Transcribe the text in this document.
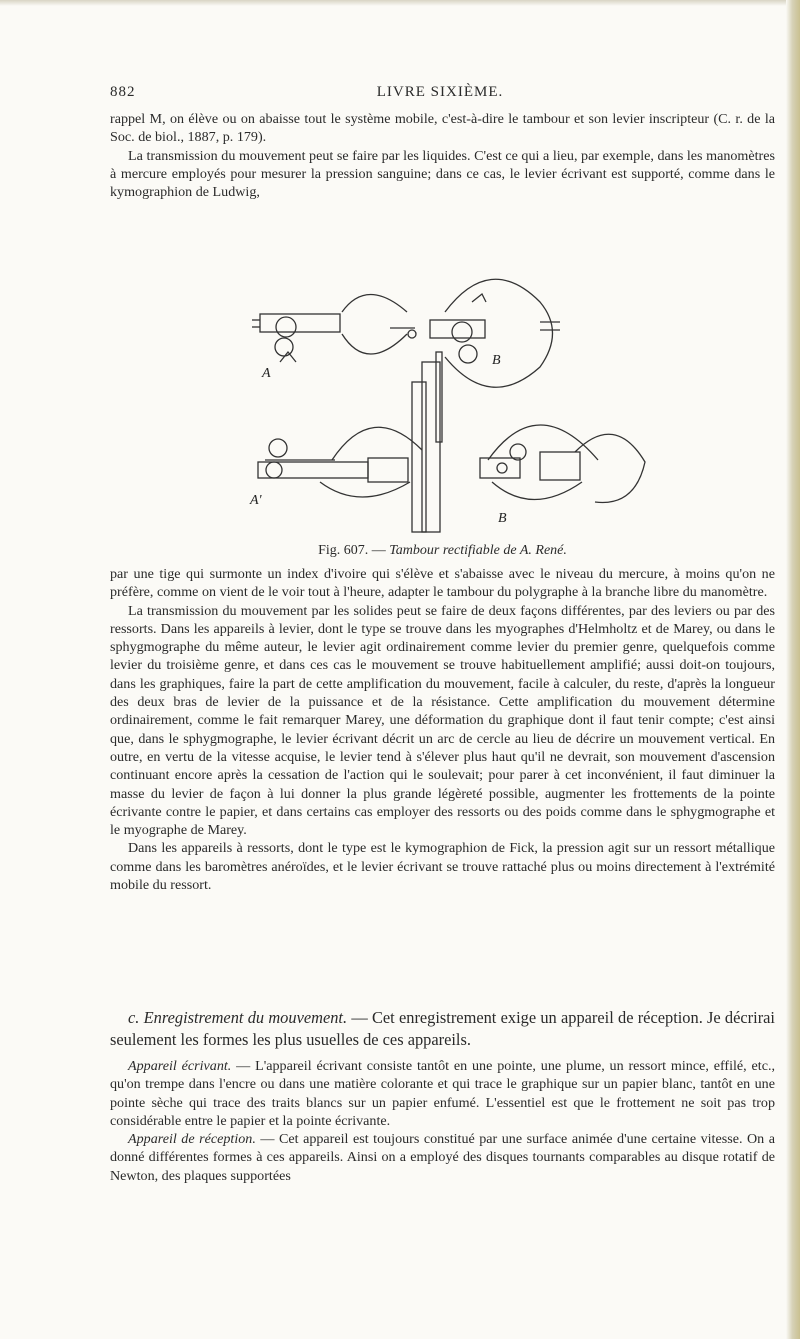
882	LIVRE SIXIÈME.

rappel M, on élève ou on abaisse tout le système mobile, c'est-à-dire le tambour et son levier inscripteur (C. r. de la Soc. de biol., 1887, p. 179).

La transmission du mouvement peut se faire par les liquides. C'est ce qui a lieu, par exemple, dans les manomètres à mercure employés pour mesurer la pression sanguine; dans ce cas, le levier écrivant est supporté, comme dans le kymographion de Ludwig,

A
B
A'
B
Fig. 607. — Tambour rectifiable de A. René.

par une tige qui surmonte un index d'ivoire qui s'élève et s'abaisse avec le niveau du mercure, à moins qu'on ne préfère, comme on vient de le voir tout à l'heure, adapter le tambour du polygraphe à la branche libre du manomètre.

La transmission du mouvement par les solides peut se faire de deux façons différentes, par des leviers ou par des ressorts. Dans les appareils à levier, dont le type se trouve dans les myographes d'Helmholtz et de Marey, ou dans le sphygmographe du même auteur, le levier agit ordinairement comme levier du premier genre, quelquefois comme levier du troisième genre, et dans ces cas le mouvement se trouve habituellement amplifié; aussi doit-on toujours, dans les graphiques, faire la part de cette amplification du mouvement, facile à calculer, du reste, d'après la longueur des deux bras de levier de la puissance et de la résistance. Cette amplification du mouvement détermine ordinairement, comme le fait remarquer Marey, une déformation du graphique dont il faut tenir compte; c'est ainsi que, dans le sphygmographe, le levier écrivant décrit un arc de cercle au lieu de décrire un mouvement vertical. En outre, en vertu de la vitesse acquise, le levier tend à s'élever plus haut qu'il ne devrait, son mouvement d'ascension continuant encore après la cessation de l'action qui le soulevait; pour parer à cet inconvénient, il faut diminuer la masse du levier de façon à lui donner la plus grande légèreté possible, augmenter les frottements de la pointe écrivante contre le papier, et dans certains cas employer des ressorts ou des poids comme dans le sphygmographe et le myographe de Marey.

Dans les appareils à ressorts, dont le type est le kymographion de Fick, la pression agit sur un ressort métallique comme dans les baromètres anéroïdes, et le levier écrivant se trouve rattaché plus ou moins directement à l'extrémité mobile du ressort.

c. Enregistrement du mouvement. — Cet enregistrement exige un appareil de réception. Je décrirai seulement les formes les plus usuelles de ces appareils.

Appareil écrivant. — L'appareil écrivant consiste tantôt en une pointe, une plume, un ressort mince, effilé, etc., qu'on trempe dans l'encre ou dans une matière colorante et qui trace le graphique sur un papier blanc, tantôt en une pointe sèche qui trace des traits blancs sur un papier enfumé. L'essentiel est que le frottement ne soit pas trop considérable entre le papier et la pointe écrivante.

Appareil de réception. — Cet appareil est toujours constitué par une surface animée d'une certaine vitesse. On a donné différentes formes à ces appareils. Ainsi on a employé des disques tournants comparables au disque rotatif de Newton, des plaques supportées
